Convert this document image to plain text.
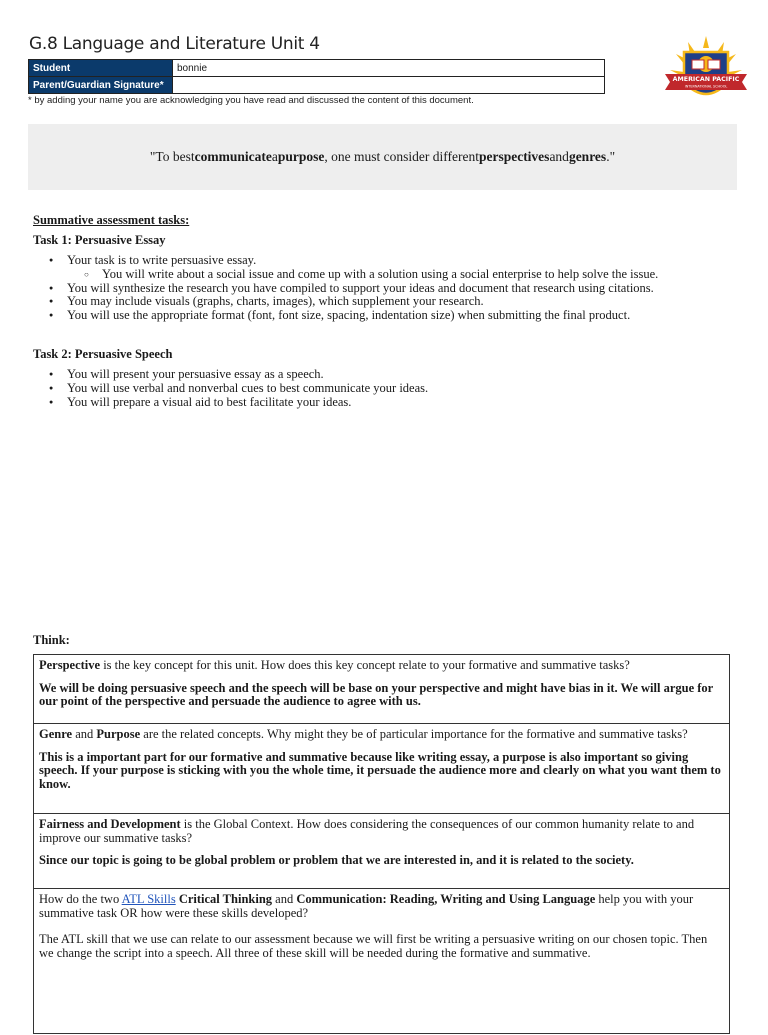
G.8 Language and Literature Unit 4
Student	bonnie
Parent/Guardian Signature*	
* by adding your name you are acknowledging you have read and discussed the content of this document.
AMERICAN PACIFIC
INTERNATIONAL SCHOOL
1 9 9 7
"To best communicate a purpose , one must consider different perspectives and genres ."
Summative assessment tasks:
Task 1: Persuasive Essay
● Your task is to write persuasive essay.
○ You will write about a social issue and come up with a solution using a social enterprise to help solve the issue.
● You will synthesize the research you have compiled to support your ideas and document that research using citations.
● You may include visuals (graphs, charts, images), which supplement your research.
● You will use the appropriate format (font, font size, spacing, indentation size) when submitting the final product.
Task 2: Persuasive Speech
● You will present your persuasive essay as a speech.
● You will use verbal and nonverbal cues to best communicate your ideas.
● You will prepare a visual aid to best facilitate your ideas.
Think:

Perspective is the key concept for this unit. How does this key concept relate to your formative and summative tasks?

We will be doing persuasive speech and the speech will be base on your perspective and might have bias in it. We will argue for our point of the perspective and persuade the audience to agree with us.

Genre and Purpose are the related concepts. Why might they be of particular importance for the formative and summative tasks?

This is a important part for our formative and summative because like writing essay, a purpose is also important so giving speech. If your purpose is sticking with you the whole time, it persuade the audience more and clearly on what you want them to know.

Fairness and Development is the Global Context. How does considering the consequences of our common humanity relate to and improve our summative tasks?

Since our topic is going to be global problem or problem that we are interested in, and it is related to the society.

How do the two ATL Skills Critical Thinking and Communication: Reading, Writing and Using Language help you with your summative task OR how were these skills developed?

The ATL skill that we use can relate to our assessment because we will first be writing a persuasive writing on our chosen topic. Then we change the script into a speech. All three of these skill will be needed during the formative and summative.
